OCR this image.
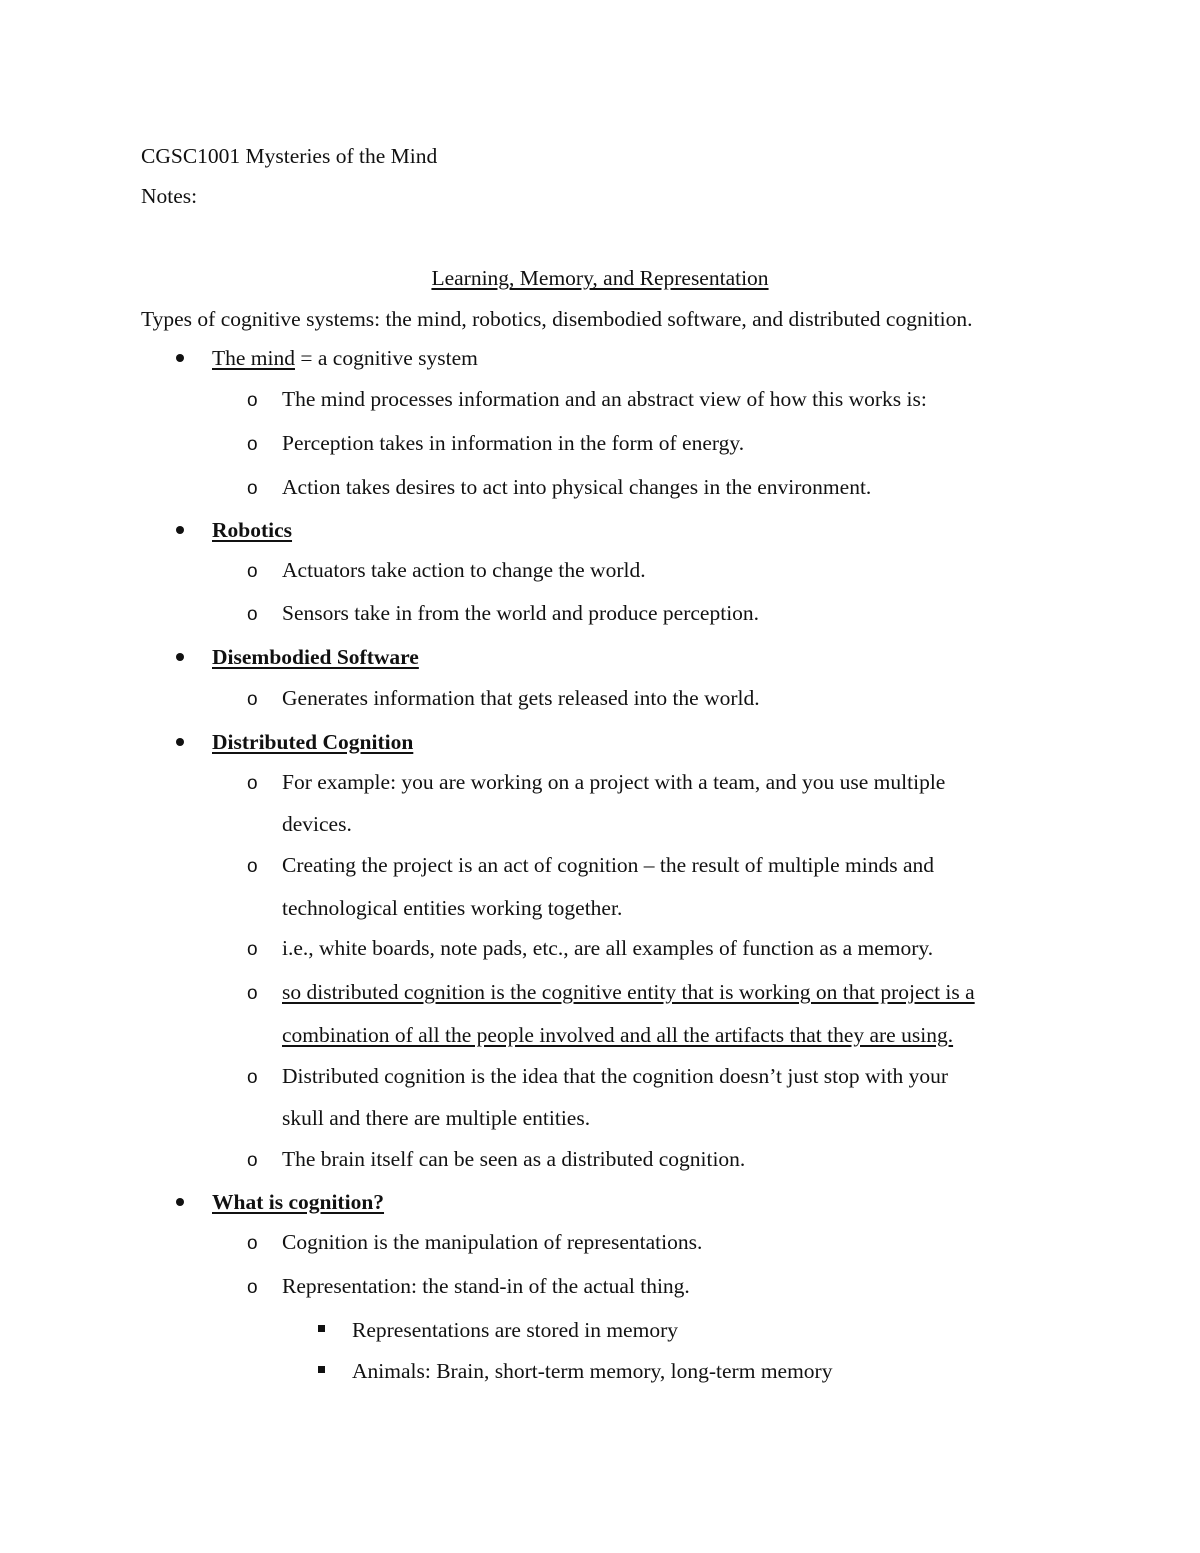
CGSC1001 Mysteries of the Mind
Notes:
Learning, Memory, and Representation
Types of cognitive systems: the mind, robotics, disembodied software, and distributed cognition.
The mind = a cognitive system
o The mind processes information and an abstract view of how this works is:
o Perception takes in information in the form of energy.
o Action takes desires to act into physical changes in the environment.
Robotics
o Actuators take action to change the world.
o Sensors take in from the world and produce perception.
Disembodied Software
o Generates information that gets released into the world.
Distributed Cognition
o For example: you are working on a project with a team, and you use multiple
devices.
o Creating the project is an act of cognition – the result of multiple minds and
technological entities working together.
o i.e., white boards, note pads, etc., are all examples of function as a memory.
o so distributed cognition is the cognitive entity that is working on that project is a
combination of all the people involved and all the artifacts that they are using.
o Distributed cognition is the idea that the cognition doesn’t just stop with your
skull and there are multiple entities.
o The brain itself can be seen as a distributed cognition.
What is cognition?
o Cognition is the manipulation of representations.
o Representation: the stand-in of the actual thing.
Representations are stored in memory
Animals: Brain, short-term memory, long-term memory
